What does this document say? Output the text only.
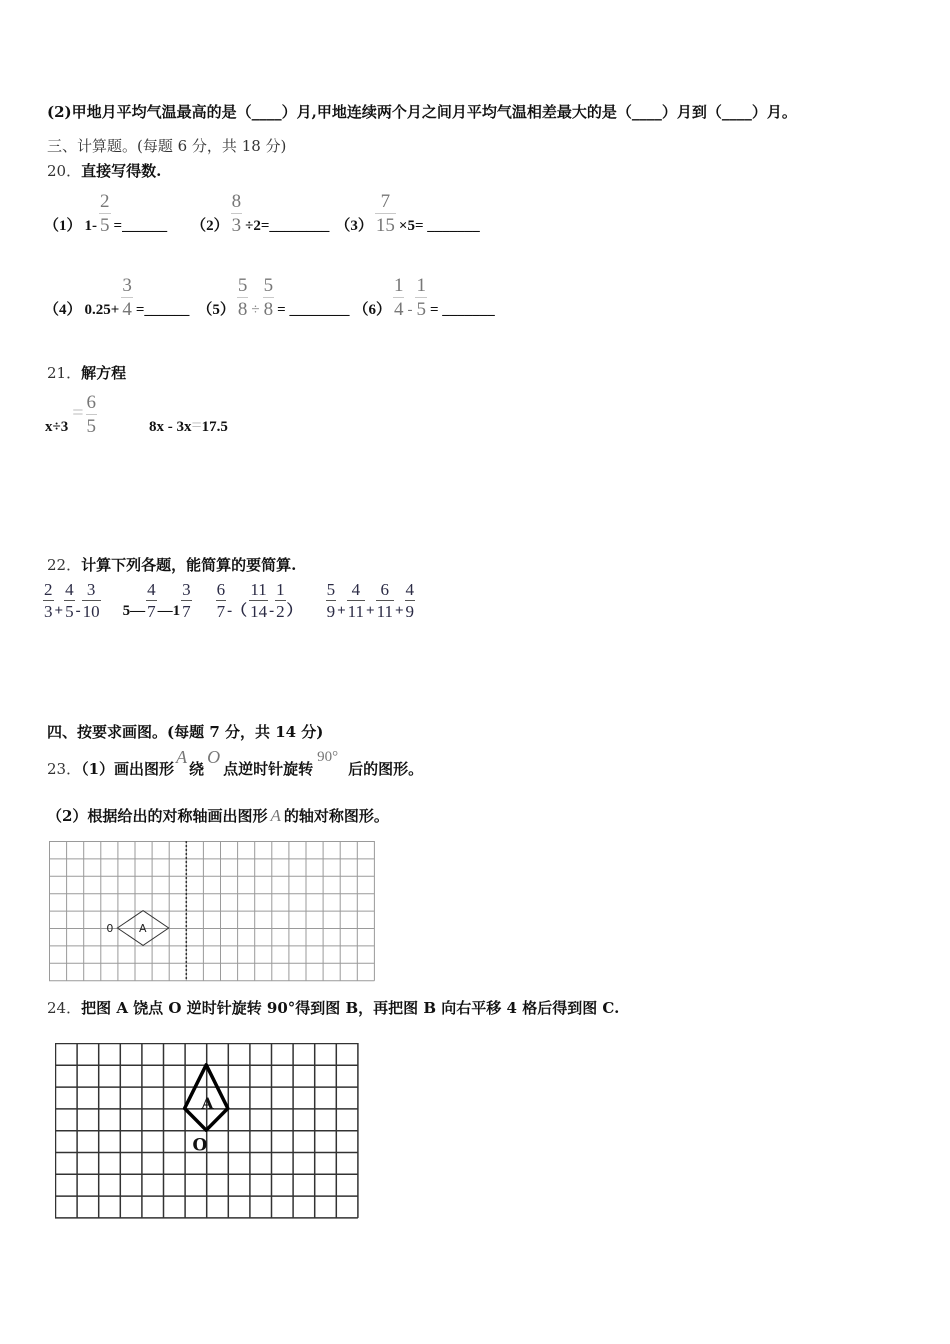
(2)甲地月平均气温最高的是（____）月,甲地连续两个月之间月平均气温相差最大的是（____）月到（____）月。
三、计算题。(每题 6 分，共 18 分)
20．直接写得数.
（1） $1- \frac{2}{5}$ =______ $(2) \frac{8}{3}$ ÷2=________ $(3) \frac{7}{15} \times 5=$ _______
（4） $0.25+ \frac{3}{4}$ =______ $(5) \frac{5}{8} \div \frac{5}{8}$ = ________ $(6) \frac{1}{4} - \frac{1}{5}$ = _______
21．解方程
x÷3
= $\frac{6}{5}$	8x - 3x=17.5
22．计算下列各题，能简算的要简算.
$\frac{2}{3} + \frac{4}{5} - \frac{3}{10}$ 5— $\frac{4}{7}$ —1 $\frac{3}{7} \frac{6}{7}$ -（ $\frac{11}{14} - \frac{1}{2}$ ） $\frac{5}{9} + \frac{4}{11} + \frac{6}{11} + \frac{4}{9}$
四、按要求画图。(每题 7 分，共 14 分)
23．（1）画出图形A绕O点逆时针旋转90°后的图形。
（2）根据给出的对称轴画出图形 A 的轴对称图形。
0 A
24．把图 A 饶点 O 逆时针旋转 90°得到图 B，再把图 B 向右平移 4 格后得到图 C.
A
O
